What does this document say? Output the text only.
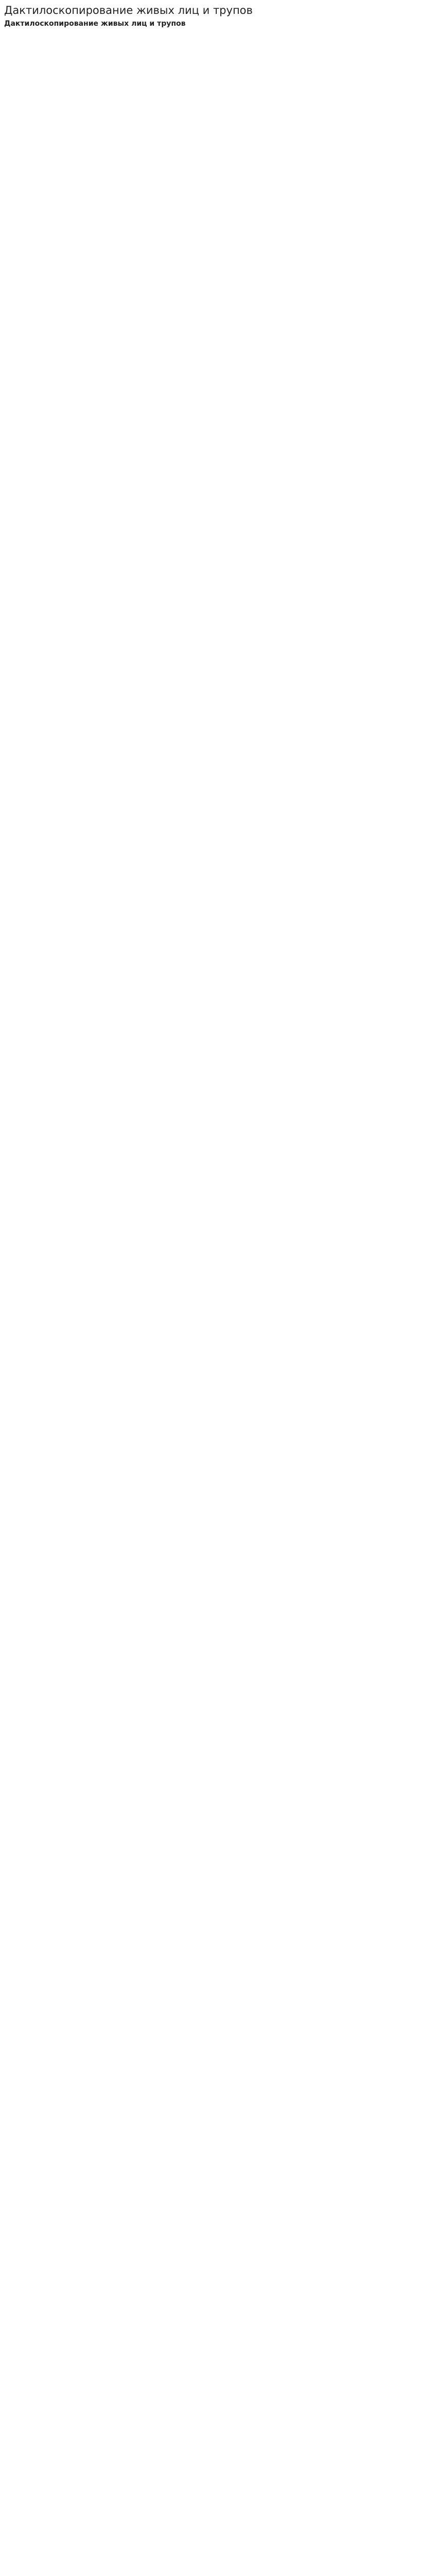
Дактилоскопирование живых лиц и трупов
Дактилоскопирование живых лиц и трупов
